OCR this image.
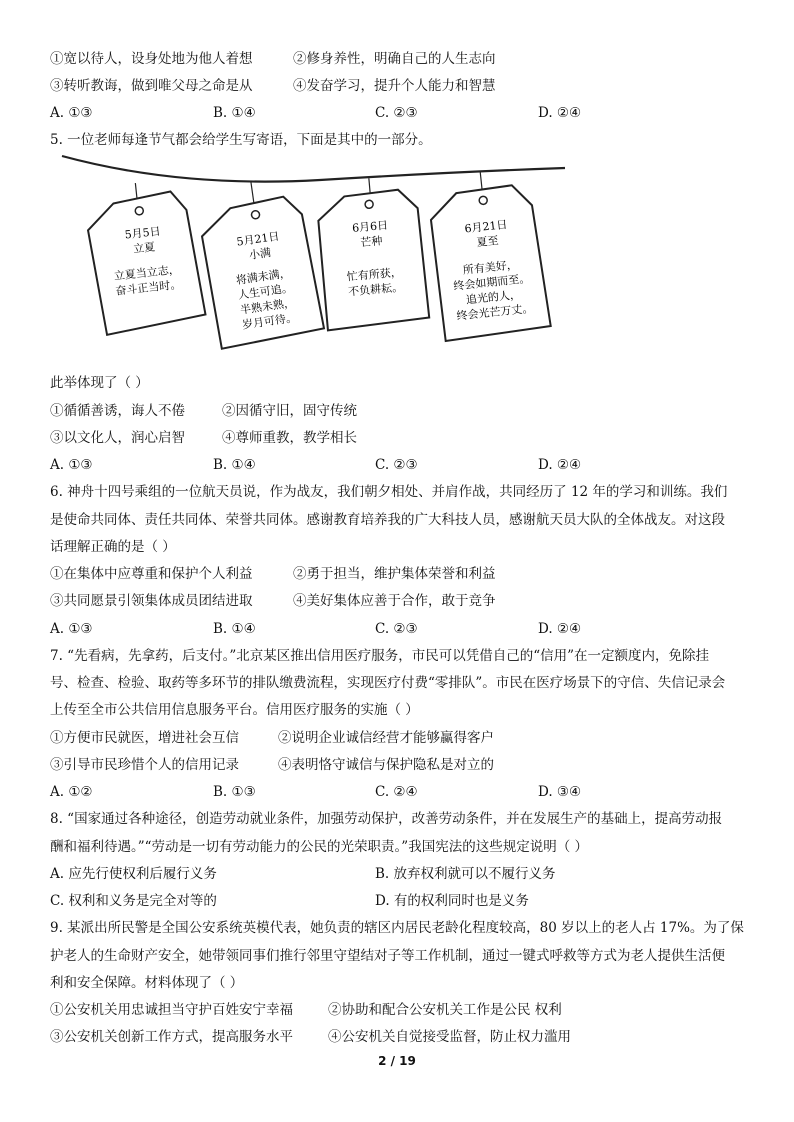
①宽以待人，设身处地为他人着想	②修身养性，明确自己的人生志向
③转听教诲，做到唯父母之命是从	④发奋学习，提升个人能力和智慧
A. ①③	B. ①④	C. ②③	D. ②④
5. 一位老师每逢节气都会给学生写寄语，下面是其中的一部分。
5月5日
立夏
立夏当立志，
奋斗正当时。
5月21日
小满
将满未满，
人生可追。
半熟未熟，
岁月可待。
6月6日
芒种
忙有所获，
不负耕耘。
6月21日
夏至
所有美好，
终会如期而至。
追光的人，
终会光芒万丈。
此举体现了（ ）
①循循善诱，诲人不倦	②因循守旧，固守传统
③以文化人，润心启智	④尊师重教，教学相长
A. ①③	B. ①④	C. ②③	D. ②④
6. 神舟十四号乘组的一位航天员说，作为战友，我们朝夕相处、并肩作战，共同经历了 12 年的学习和训练。我们
是使命共同体、责任共同体、荣誉共同体。感谢教育培养我的广大科技人员，感谢航天员大队的全体战友。对这段
话理解正确的是（ ）
①在集体中应尊重和保护个人利益	②勇于担当，维护集体荣誉和利益
③共同愿景引领集体成员团结进取	④美好集体应善于合作，敢于竞争
A. ①③	B. ①④	C. ②③	D. ②④
7. “先看病，先拿药，后支付。”北京某区推出信用医疗服务，市民可以凭借自己的“信用”在一定额度内，免除挂
号、检查、检验、取药等多环节的排队缴费流程，实现医疗付费“零排队”。市民在医疗场景下的守信、失信记录会
上传至全市公共信用信息服务平台。信用医疗服务的实施（ ）
①方便市民就医，增进社会互信	②说明企业诚信经营才能够赢得客户
③引导市民珍惜个人的信用记录	④表明恪守诚信与保护隐私是对立的
A. ①②	B. ①③	C. ②④	D. ③④
8. “国家通过各种途径，创造劳动就业条件，加强劳动保护，改善劳动条件，并在发展生产的基础上，提高劳动报
酬和福利待遇。”“劳动是一切有劳动能力的公民的光荣职责。”我国宪法的这些规定说明（ ）
A. 应先行使权利后履行义务	B. 放弃权利就可以不履行义务
C. 权利和义务是完全对等的	D. 有的权利同时也是义务
9. 某派出所民警是全国公安系统英模代表，她负责的辖区内居民老龄化程度较高，80 岁以上的老人占 17%。为了保
护老人的生命财产安全，她带领同事们推行邻里守望结对子等工作机制，通过一键式呼救等方式为老人提供生活便
利和安全保障。材料体现了（ ）
①公安机关用忠诚担当守护百姓安宁幸福	②协助和配合公安机关工作是公民 权利
③公安机关创新工作方式，提高服务水平	④公安机关自觉接受监督，防止权力滥用
2 / 19
